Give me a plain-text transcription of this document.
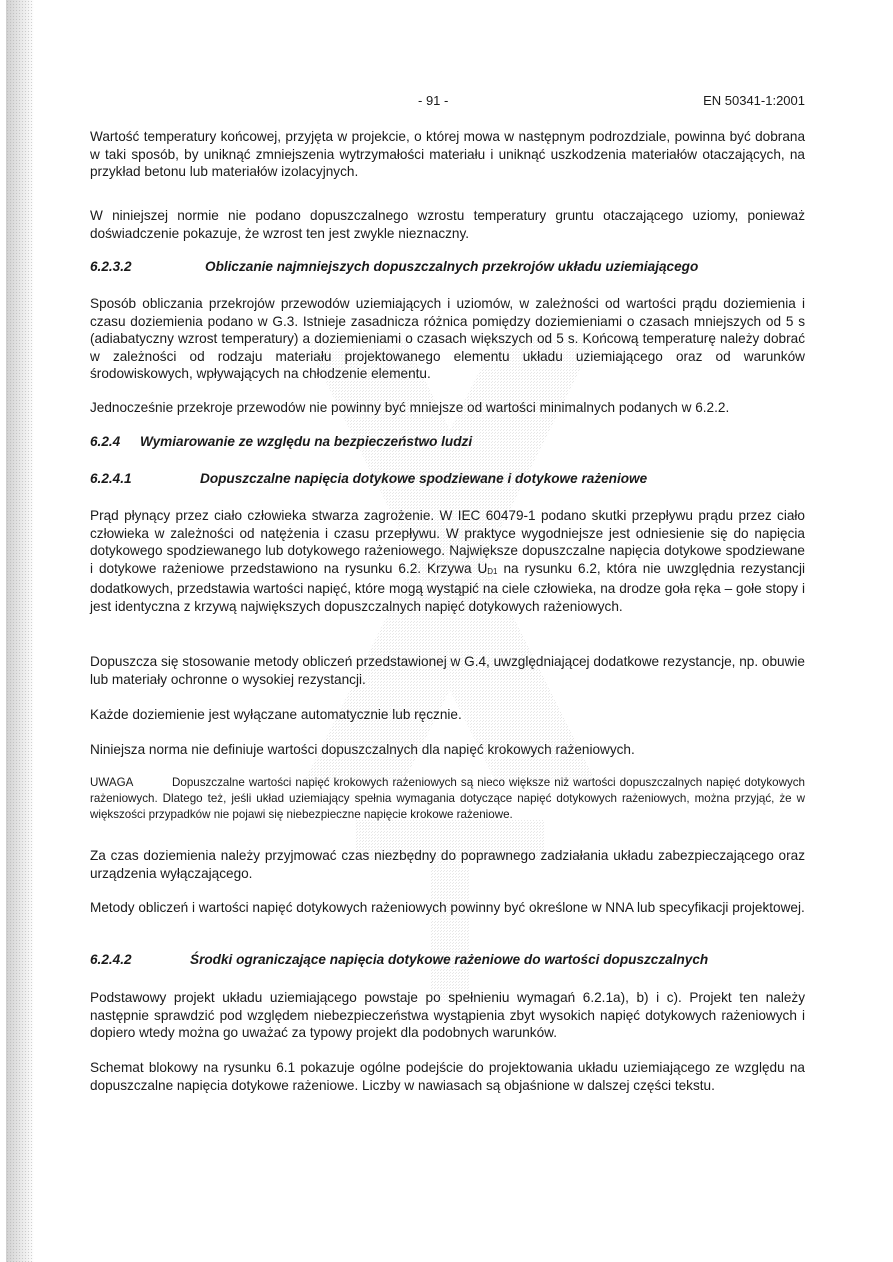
- 91 -	EN 50341-1:2001

Wartość temperatury końcowej, przyjęta w projekcie, o której mowa w następnym podrozdziale, powinna być dobrana w taki sposób, by uniknąć zmniejszenia wytrzymałości materiału i uniknąć uszkodzenia materiałów otaczających, na przykład betonu lub materiałów izolacyjnych.

W niniejszej normie nie podano dopuszczalnego wzrostu temperatury gruntu otaczającego uziomy, ponieważ doświadczenie pokazuje, że wzrost ten jest zwykle nieznaczny.

6.2.3.2	Obliczanie najmniejszych dopuszczalnych przekrojów układu uziemiającego

Sposób obliczania przekrojów przewodów uziemiających i uziomów, w zależności od wartości prądu doziemienia i czasu doziemienia podano w G.3. Istnieje zasadnicza różnica pomiędzy doziemieniami o czasach mniejszych od 5 s (adiabatyczny wzrost temperatury) a doziemieniami o czasach większych od 5 s. Końcową temperaturę należy dobrać w zależności od rodzaju materiału projektowanego elementu układu uziemiającego oraz od warunków środowiskowych, wpływających na chłodzenie elementu.

Jednocześnie przekroje przewodów nie powinny być mniejsze od wartości minimalnych podanych w 6.2.2.

6.2.4 Wymiarowanie ze względu na bezpieczeństwo ludzi
6.2.4.1	Dopuszczalne napięcia dotykowe spodziewane i dotykowe rażeniowe

Prąd płynący przez ciało człowieka stwarza zagrożenie. W IEC 60479-1 podano skutki przepływu prądu przez ciało człowieka w zależności od natężenia i czasu przepływu. W praktyce wygodniejsze jest odniesienie się do napięcia dotykowego spodziewanego lub dotykowego rażeniowego. Największe dopuszczalne napięcia dotykowe spodziewane i dotykowe rażeniowe przedstawiono na rysunku 6.2. Krzywa UD1 na rysunku 6.2, która nie uwzględnia rezystancji dodatkowych, przedstawia wartości napięć, które mogą wystąpić na ciele człowieka, na drodze goła ręka – gołe stopy i jest identyczna z krzywą największych dopuszczalnych napięć dotykowych rażeniowych.

Dopuszcza się stosowanie metody obliczeń przedstawionej w G.4, uwzględniającej dodatkowe rezystancje, np. obuwie lub materiały ochronne o wysokiej rezystancji.

Każde doziemienie jest wyłączane automatycznie lub ręcznie.

Niniejsza norma nie definiuje wartości dopuszczalnych dla napięć krokowych rażeniowych.

UWAGA	Dopuszczalne wartości napięć krokowych rażeniowych są nieco większe niż wartości dopuszczalnych napięć dotykowych rażeniowych. Dlatego też, jeśli układ uziemiający spełnia wymagania dotyczące napięć dotykowych rażeniowych, można przyjąć, że w większości przypadków nie pojawi się niebezpieczne napięcie krokowe rażeniowe.

Za czas doziemienia należy przyjmować czas niezbędny do poprawnego zadziałania układu zabezpieczającego oraz urządzenia wyłączającego.

Metody obliczeń i wartości napięć dotykowych rażeniowych powinny być określone w NNA lub specyfikacji projektowej.

6.2.4.2	Środki ograniczające napięcia dotykowe rażeniowe do wartości dopuszczalnych

Podstawowy projekt układu uziemiającego powstaje po spełnieniu wymagań 6.2.1a), b) i c). Projekt ten należy następnie sprawdzić pod względem niebezpieczeństwa wystąpienia zbyt wysokich napięć dotykowych rażeniowych i dopiero wtedy można go uważać za typowy projekt dla podobnych warunków.

Schemat blokowy na rysunku 6.1 pokazuje ogólne podejście do projektowania układu uziemiającego ze względu na dopuszczalne napięcia dotykowe rażeniowe. Liczby w nawiasach są objaśnione w dalszej części tekstu.
